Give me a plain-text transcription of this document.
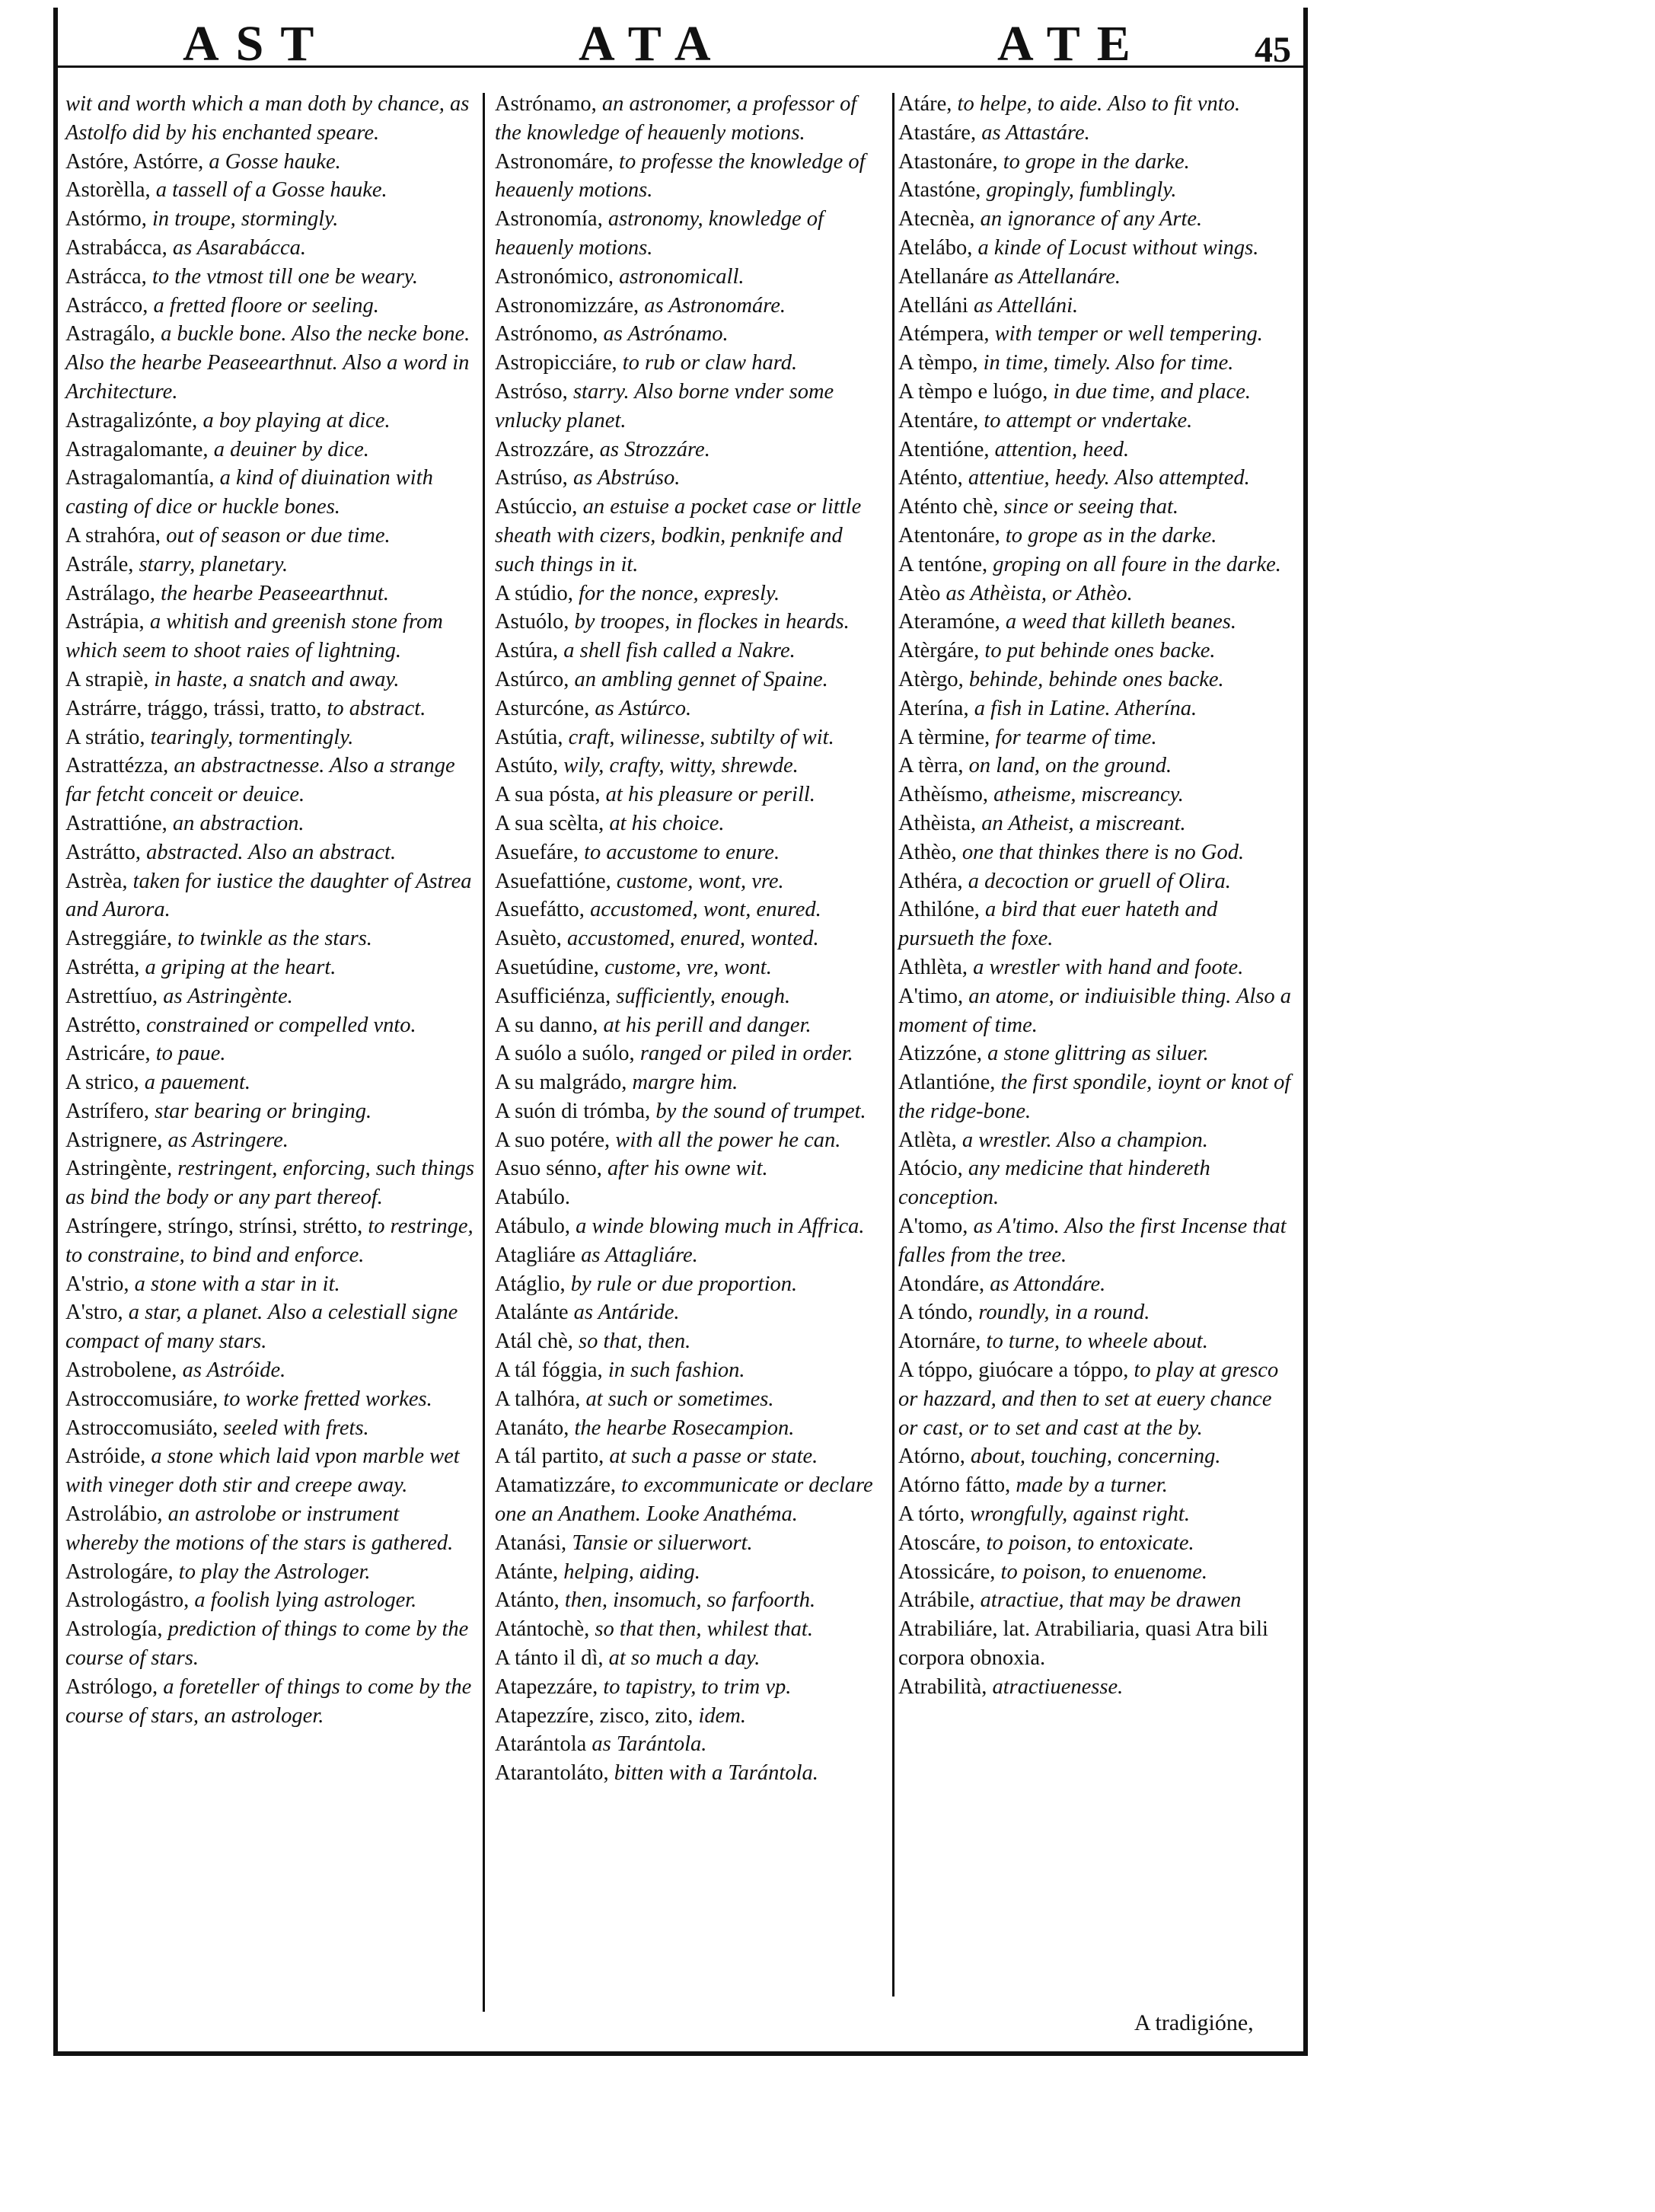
AST	ATA	ATE	45

wit and worth which a man doth by chance, as Astolfo did by his enchanted speare.

Astóre, Astórre, a Gosse hauke.

Astorèlla, a tassell of a Gosse hauke.

Astórmo, in troupe, stormingly.

Astrabácca, as Asarabácca.

Astrácca, to the vtmost till one be weary.

Astrácco, a fretted floore or seeling.

Astragálo, a buckle bone. Also the necke bone. Also the hearbe Peaseearthnut. Also a word in Architecture.

Astragalizónte, a boy playing at dice.

Astragalomante, a deuiner by dice.

Astragalomantía, a kind of diuination with casting of dice or huckle bones.

A strahóra, out of season or due time.

Astrále, starry, planetary.

Astrálago, the hearbe Peaseearthnut.

Astrápia, a whitish and greenish stone from which seem to shoot raies of lightning.

A strapiè, in haste, a snatch and away.

Astrárre, trággo, trássi, tratto, to abstract.

A strátio, tearingly, tormentingly.

Astrattézza, an abstractnesse. Also a strange far fetcht conceit or deuice.

Astrattióne, an abstraction.

Astrátto, abstracted. Also an abstract.

Astrèa, taken for iustice the daughter of Astrea and Aurora.

Astreggiáre, to twinkle as the stars.

Astrétta, a griping at the heart.

Astrettíuo, as Astringènte.

Astrétto, constrained or compelled vnto.

Astricáre, to paue.

A strico, a pauement.

Astrífero, star bearing or bringing.

Astrignere, as Astringere.

Astringènte, restringent, enforcing, such things as bind the body or any part thereof.

Astríngere, stríngo, strínsi, strétto, to restringe, to constraine, to bind and enforce.

A'strio, a stone with a star in it.

A'stro, a star, a planet. Also a celestiall signe compact of many stars.

Astrobolene, as Astróide.

Astroccomusiáre, to worke fretted workes.

Astroccomusiáto, seeled with frets.

Astróide, a stone which laid vpon marble wet with vineger doth stir and creepe away.

Astrolábio, an astrolobe or instrument whereby the motions of the stars is gathered.

Astrologáre, to play the Astrologer.

Astrologástro, a foolish lying astrologer.

Astrología, prediction of things to come by the course of stars.

Astrólogo, a foreteller of things to come by the course of stars, an astrologer.

Astrónamo, an astronomer, a professor of the knowledge of heauenly motions.

Astronomáre, to professe the knowledge of heauenly motions.

Astronomía, astronomy, knowledge of heauenly motions.

Astronómico, astronomicall.

Astronomizzáre, as Astronomáre.

Astrónomo, as Astrónamo.

Astropicciáre, to rub or claw hard.

Astróso, starry. Also borne vnder some vnlucky planet.

Astrozzáre, as Strozzáre.

Astrúso, as Abstrúso.

Astúccio, an estuise a pocket case or little sheath with cizers, bodkin, penknife and such things in it.

A stúdio, for the nonce, expresly.

Astuólo, by troopes, in flockes in heards.

Astúra, a shell fish called a Nakre.

Astúrco, an ambling gennet of Spaine.

Asturcóne, as Astúrco.

Astútia, craft, wilinesse, subtilty of wit.

Astúto, wily, crafty, witty, shrewde.

A sua pósta, at his pleasure or perill.

A sua scèlta, at his choice.

Asuefáre, to accustome to enure.

Asuefattióne, custome, wont, vre.

Asuefátto, accustomed, wont, enured.

Asuèto, accustomed, enured, wonted.

Asuetúdine, custome, vre, wont.

Asufficiénza, sufficiently, enough.

A su danno, at his perill and danger.

A suólo a suólo, ranged or piled in order.

A su malgrádo, margre him.

A suón di trómba, by the sound of trumpet.

A suo potére, with all the power he can.

Asuo sénno, after his owne wit.

Atabúlo.

Atábulo, a winde blowing much in Affrica.

Atagliáre as Attagliáre.

Atáglio, by rule or due proportion.

Atalánte as Antáride.

Atál chè, so that, then.

A tál fóggia, in such fashion.

A talhóra, at such or sometimes.

Atanáto, the hearbe Rosecampion.

A tál partito, at such a passe or state.

Atamatizzáre, to excommunicate or declare one an Anathem. Looke Anathéma.

Atanási, Tansie or siluerwort.

Atánte, helping, aiding.

Atánto, then, insomuch, so farfoorth.

Atántochè, so that then, whilest that.

A tánto il dì, at so much a day.

Atapezzáre, to tapistry, to trim vp.

Atapezzíre, zisco, zito, idem.

Atarántola as Tarántola.

Atarantoláto, bitten with a Tarántola.

Atáre, to helpe, to aide. Also to fit vnto.

Atastáre, as Attastáre.

Atastonáre, to grope in the darke.

Atastóne, gropingly, fumblingly.

Atecnèa, an ignorance of any Arte.

Atelábo, a kinde of Locust without wings.

Atellanáre as Attellanáre.

Atelláni as Attelláni.

Atémpera, with temper or well tempering.

A tèmpo, in time, timely. Also for time.

A tèmpo e luógo, in due time, and place.

Atentáre, to attempt or vndertake.

Atentióne, attention, heed.

Aténto, attentiue, heedy. Also attempted.

Aténto chè, since or seeing that.

Atentonáre, to grope as in the darke.

A tentóne, groping on all foure in the darke.

Atèo as Athèista, or Athèo.

Ateramóne, a weed that killeth beanes.

Atèrgáre, to put behinde ones backe.

Atèrgo, behinde, behinde ones backe.

Aterína, a fish in Latine. Atherína.

A tèrmine, for tearme of time.

A tèrra, on land, on the ground.

Athèísmo, atheisme, miscreancy.

Athèista, an Atheist, a miscreant.

Athèo, one that thinkes there is no God.

Athéra, a decoction or gruell of Olira.

Athilóne, a bird that euer hateth and pursueth the foxe.

Athlèta, a wrestler with hand and foote.

A'timo, an atome, or indiuisible thing. Also a moment of time.

Atizzóne, a stone glittring as siluer.

Atlantióne, the first spondile, ioynt or knot of the ridge-bone.

Atlèta, a wrestler. Also a champion.

Atócio, any medicine that hindereth conception.

A'tomo, as A'timo. Also the first Incense that falles from the tree.

Atondáre, as Attondáre.

A tóndo, roundly, in a round.

Atornáre, to turne, to wheele about.

A tóppo, giuócare a tóppo, to play at gresco or hazzard, and then to set at euery chance or cast, or to set and cast at the by.

Atórno, about, touching, concerning.

Atórno fátto, made by a turner.

A tórto, wrongfully, against right.

Atoscáre, to poison, to entoxicate.

Atossicáre, to poison, to enuenome.

Atrábile, atractiue, that may be drawen

Atrabiliáre, lat. Atrabiliaria, quasi Atra bili corpora obnoxia.

Atrabilità, atractiuenesse.

A tradigióne,
